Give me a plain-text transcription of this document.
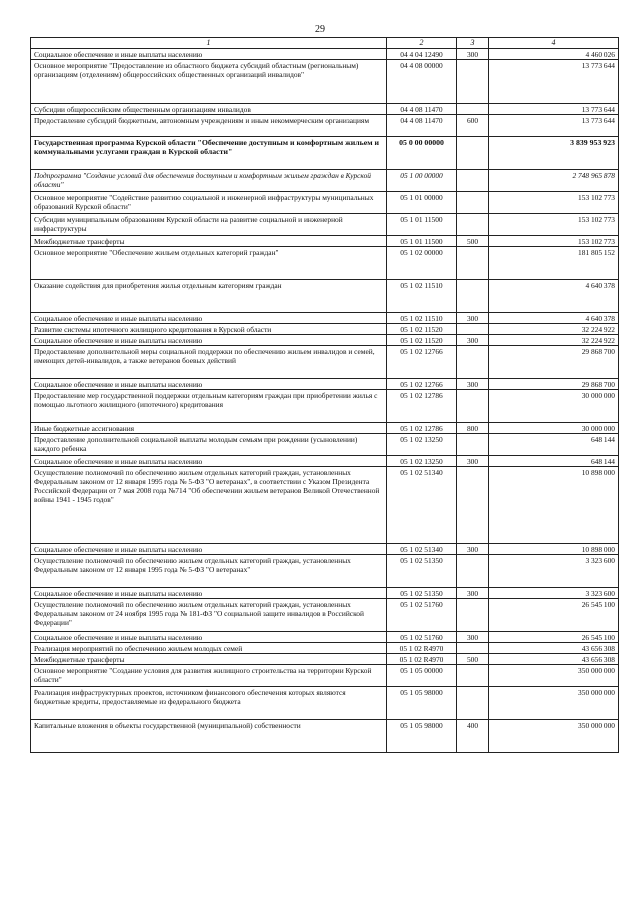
29
1	2	3	4
Социальное обеспечение и иные выплаты населению	04 4 04 12490	300	4 460 026
Основное мероприятие "Предоставление из областного бюджета субсидий областным (региональным) организациям (отделениям) общероссийских общественных организаций инвалидов"	04 4 08 00000		13 773 644
Субсидии общероссийским общественным организациям инвалидов	04 4 08 11470		13 773 644
Предоставление субсидий бюджетным, автономным учреждениям и иным некоммерческим организациям	04 4 08 11470	600	13 773 644
Государственная программа Курской области "Обеспечение доступным и комфортным жильем и коммунальными услугами граждан в Курской области"	05 0 00 00000		3 839 953 923
Подпрограмма "Создание условий для обеспечения доступным и комфортным жильем граждан в Курской области"	05 1 00 00000		2 748 965 878
Основное мероприятие "Содействие развитию социальной и инженерной инфраструктуры муниципальных образований Курской области"	05 1 01 00000		153 102 773
Субсидии муниципальным образованиям Курской области на развитие социальной и инженерной инфраструктуры	05 1 01 11500		153 102 773
Межбюджетные трансферты	05 1 01 11500	500	153 102 773
Основное мероприятие "Обеспечение жильем отдельных категорий граждан"	05 1 02 00000		181 805 152
Оказание содействия для приобретения жилья отдельным категориям граждан	05 1 02 11510		4 640 378
Социальное обеспечение и иные выплаты населению	05 1 02 11510	300	4 640 378
Развитие системы ипотечного жилищного кредитования в Курской области	05 1 02 11520		32 224 922
Социальное обеспечение и иные выплаты населению	05 1 02 11520	300	32 224 922
Предоставление дополнительной меры социальной поддержки по обеспечению жильем инвалидов и семей, имеющих детей-инвалидов, а также ветеранов боевых действий	05 1 02 12766		29 868 700
Социальное обеспечение и иные выплаты населению	05 1 02 12766	300	29 868 700
Предоставление мер государственной поддержки отдельным категориям граждан при приобретении жилья с помощью льготного жилищного (ипотечного) кредитования	05 1 02 12786		30 000 000
Иные бюджетные ассигнования	05 1 02 12786	800	30 000 000
Предоставление дополнительной социальной выплаты молодым семьям при рождении (усыновлении) каждого ребенка	05 1 02 13250		648 144
Социальное обеспечение и иные выплаты населению	05 1 02 13250	300	648 144
Осуществление полномочий по обеспечению жильем отдельных категорий граждан, установленных Федеральным законом от 12 января 1995 года № 5-ФЗ "О ветеранах", в соответствии с Указом Президента Российской Федерации от 7 мая 2008 года №714 "Об обеспечении жильем ветеранов Великой Отечественной войны 1941 - 1945 годов"	05 1 02 51340		10 898 000
Социальное обеспечение и иные выплаты населению	05 1 02 51340	300	10 898 000
Осуществление полномочий по обеспечению жильем отдельных категорий граждан, установленных Федеральным законом от 12 января 1995 года № 5-ФЗ "О ветеранах"	05 1 02 51350		3 323 600
Социальное обеспечение и иные выплаты населению	05 1 02 51350	300	3 323 600
Осуществление полномочий по обеспечению жильем отдельных категорий граждан, установленных Федеральным законом от 24 ноября 1995 года № 181-ФЗ "О социальной защите инвалидов в Российской Федерации"	05 1 02 51760		26 545 100
Социальное обеспечение и иные выплаты населению	05 1 02 51760	300	26 545 100
Реализация мероприятий по обеспечению жильем молодых семей	05 1 02 R4970		43 656 308
Межбюджетные трансферты	05 1 02 R4970	500	43 656 308
Основное мероприятие "Создание условия для развития жилищного строительства на территории Курской области"	05 1 05 00000		350 000 000
Реализация инфраструктурных проектов, источником финансового обеспечения которых являются бюджетные кредиты, предоставляемые из федерального бюджета	05 1 05 98000		350 000 000
Капитальные вложения в объекты государственной (муниципальной) собственности	05 1 05 98000	400	350 000 000
